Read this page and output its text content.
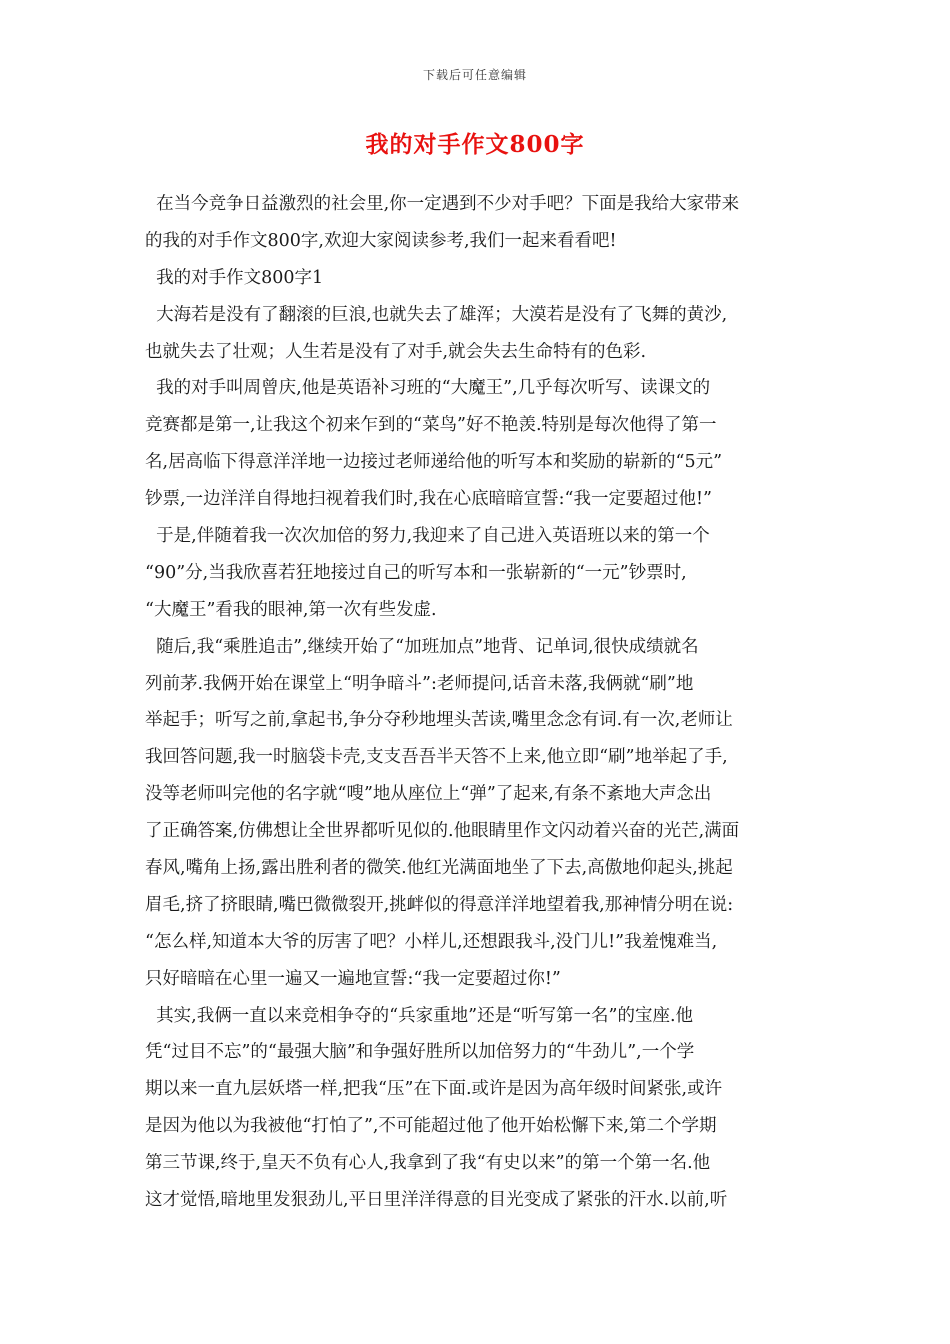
下载后可任意编辑
我的对手作文800字
在当今竞争日益激烈的社会里,你一定遇到不少对手吧？下面是我给大家带来
的我的对手作文800字,欢迎大家阅读参考,我们一起来看看吧!
我的对手作文800字1
大海若是没有了翻滚的巨浪,也就失去了雄浑；大漠若是没有了飞舞的黄沙,
也就失去了壮观；人生若是没有了对手,就会失去生命特有的色彩.
我的对手叫周曾庆,他是英语补习班的“大魔王”,几乎每次听写、读课文的
竞赛都是第一,让我这个初来乍到的“菜鸟”好不艳羡.特别是每次他得了第一
名,居高临下得意洋洋地一边接过老师递给他的听写本和奖励的崭新的“5元”
钞票,一边洋洋自得地扫视着我们时,我在心底暗暗宣誓:“我一定要超过他!”
于是,伴随着我一次次加倍的努力,我迎来了自己进入英语班以来的第一个
“90”分,当我欣喜若狂地接过自己的听写本和一张崭新的“一元”钞票时,
“大魔王”看我的眼神,第一次有些发虚.
随后,我“乘胜追击”,继续开始了“加班加点”地背、记单词,很快成绩就名
列前茅.我俩开始在课堂上“明争暗斗”:老师提问,话音未落,我俩就“刷”地
举起手；听写之前,拿起书,争分夺秒地埋头苦读,嘴里念念有词.有一次,老师让
我回答问题,我一时脑袋卡壳,支支吾吾半天答不上来,他立即“刷”地举起了手,
没等老师叫完他的名字就“嗖”地从座位上“弹”了起来,有条不紊地大声念出
了正确答案,仿佛想让全世界都听见似的.他眼睛里作文闪动着兴奋的光芒,满面
春风,嘴角上扬,露出胜利者的微笑.他红光满面地坐了下去,高傲地仰起头,挑起
眉毛,挤了挤眼睛,嘴巴微微裂开,挑衅似的得意洋洋地望着我,那神情分明在说:
“怎么样,知道本大爷的厉害了吧？小样儿,还想跟我斗,没门儿!”我羞愧难当,
只好暗暗在心里一遍又一遍地宣誓:“我一定要超过你!”
其实,我俩一直以来竞相争夺的“兵家重地”还是“听写第一名”的宝座.他
凭“过目不忘”的“最强大脑”和争强好胜所以加倍努力的“牛劲儿”,一个学
期以来一直九层妖塔一样,把我“压”在下面.或许是因为高年级时间紧张,或许
是因为他以为我被他“打怕了”,不可能超过他了他开始松懈下来,第二个学期
第三节课,终于,皇天不负有心人,我拿到了我“有史以来”的第一个第一名.他
这才觉悟,暗地里发狠劲儿,平日里洋洋得意的目光变成了紧张的汗水.以前,听
